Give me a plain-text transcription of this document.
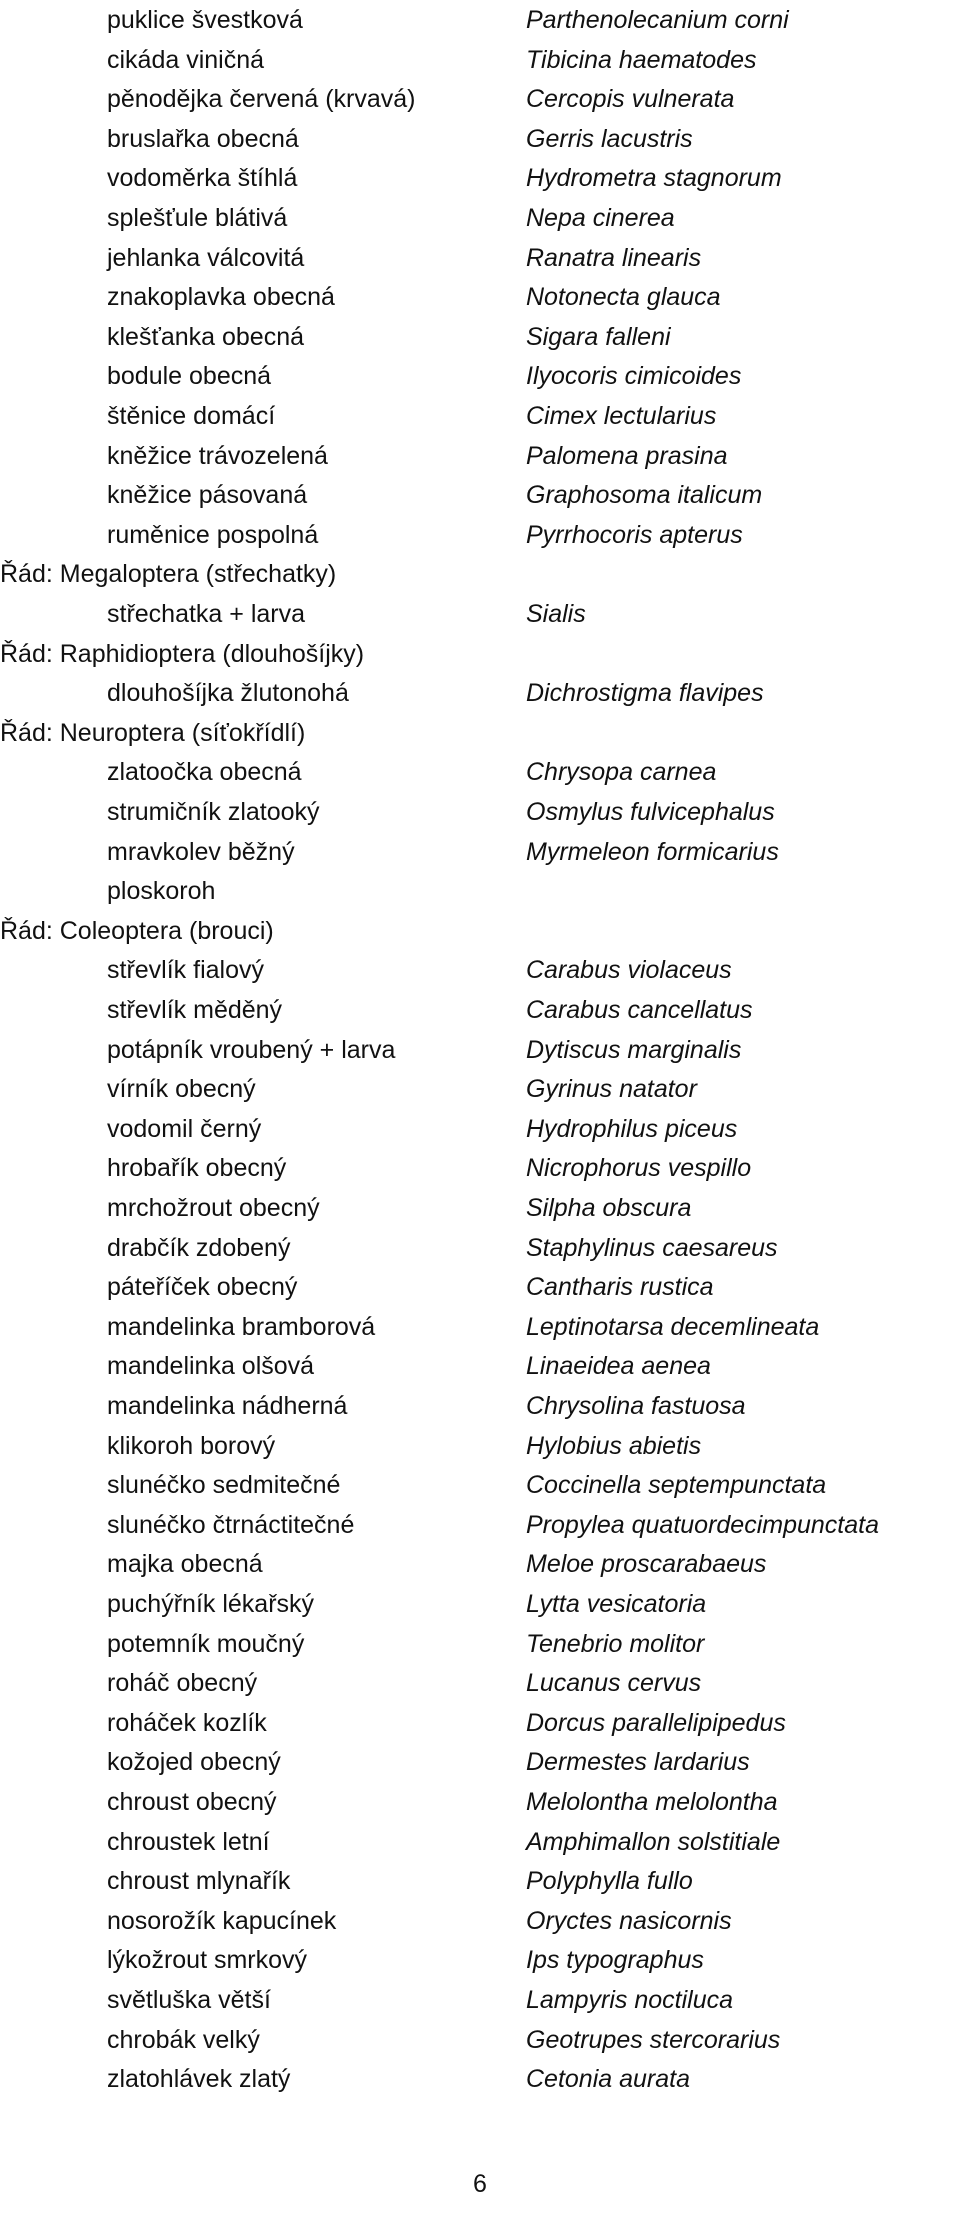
puklice švestková	Parthenolecanium corni
cikáda viničná	Tibicina haematodes
pěnodějka červená (krvavá)	Cercopis vulnerata
bruslařka obecná	Gerris lacustris
vodoměrka štíhlá	Hydrometra stagnorum
splešťule blátivá	Nepa cinerea
jehlanka válcovitá	Ranatra linearis
znakoplavka obecná	Notonecta glauca
klešťanka obecná	Sigara falleni
bodule obecná	Ilyocoris cimicoides
štěnice domácí	Cimex lectularius
kněžice trávozelená	Palomena prasina
kněžice pásovaná	Graphosoma italicum
ruměnice pospolná	Pyrrhocoris apterus
Řád: Megaloptera (střechatky)
střechatka + larva	Sialis
Řád: Raphidioptera (dlouhošíjky)
dlouhošíjka žlutonohá	Dichrostigma flavipes
Řád: Neuroptera (síťokřídlí)
zlatoočka obecná	Chrysopa carnea
strumičník zlatooký	Osmylus fulvicephalus
mravkolev běžný	Myrmeleon formicarius
ploskoroh
Řád: Coleoptera (brouci)
střevlík fialový	Carabus violaceus
střevlík měděný	Carabus cancellatus
potápník vroubený + larva	Dytiscus marginalis
vírník obecný	Gyrinus natator
vodomil černý	Hydrophilus piceus
hrobařík obecný	Nicrophorus vespillo
mrchožrout obecný	Silpha obscura
drabčík zdobený	Staphylinus caesareus
páteříček obecný	Cantharis rustica
mandelinka bramborová	Leptinotarsa decemlineata
mandelinka olšová	Linaeidea aenea
mandelinka nádherná	Chrysolina fastuosa
klikoroh borový	Hylobius abietis
slunéčko sedmitečné	Coccinella septempunctata
slunéčko čtrnáctitečné	Propylea quatuordecimpunctata
majka obecná	Meloe proscarabaeus
puchýřník lékařský	Lytta vesicatoria
potemník moučný	Tenebrio molitor
roháč obecný	Lucanus cervus
roháček kozlík	Dorcus parallelipipedus
kožojed obecný	Dermestes lardarius
chroust obecný	Melolontha melolontha
chroustek letní	Amphimallon solstitiale
chroust mlynařík	Polyphylla fullo
nosorožík kapucínek	Oryctes nasicornis
lýkožrout smrkový	Ips typographus
světluška větší	Lampyris noctiluca
chrobák velký	Geotrupes stercorarius
zlatohlávek zlatý	Cetonia aurata
6
